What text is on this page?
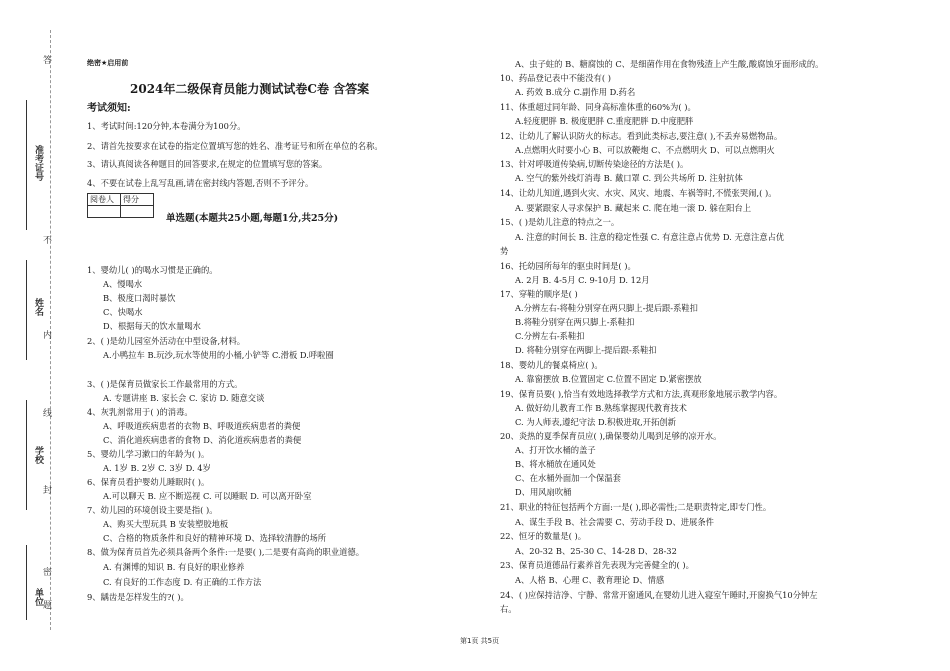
答
不
内
线
封
密
题
准考证号
姓名
学校
单位
绝密★启用前
2024年二级保育员能力测试试卷C卷 含答案
考试须知:
1、考试时间:120分钟,本卷满分为100分。
2、请首先按要求在试卷的指定位置填写您的姓名、准考证号和所在单位的名称。
3、请认真阅读各种题目的回答要求,在规定的位置填写您的答案。
4、不要在试卷上乱写乱画,请在密封线内答题,否则不予评分。
阅卷人	得分

单选题(本题共25小题,每题1分,共25分)
1、婴幼儿( )的喝水习惯是正确的。
A、慢喝水
B、极度口渴时暴饮
C、快喝水
D、根据每天的饮水量喝水
2、( )是幼儿园室外活动在中型设备,材料。
A.小鸭拉车 B.玩沙,玩水等使用的小桶,小铲等 C.滑板 D.呼啦圈
3、( )是保育员做家长工作最常用的方式。
A. 专题讲座 B. 家长会 C. 家访 D. 随意交谈
4、灰乳剂常用于( )的消毒。
A、呼吸道疾病患者的衣物 B、呼吸道疾病患者的粪便
C、消化道疾病患者的食物 D、消化道疾病患者的粪便
5、婴幼儿学习漱口的年龄为( )。
A. 1岁 B. 2岁 C. 3岁 D. 4岁
6、保育员看护婴幼儿睡眠时( )。
A.可以聊天 B. 应不断巡视 C. 可以睡眠 D. 可以离开卧室
7、幼儿园的环境创设主要是指( )。
A、购买大型玩具 B 安装塑胶地板
C、合格的物质条件和良好的精神环境 D、选择较清静的场所
8、做为保育员首先必须具备两个条件:一是要( ),二是要有高尚的职业道德。
A. 有渊博的知识 B. 有良好的职业修养
C. 有良好的工作态度 D. 有正确的工作方法
9、龋齿是怎样发生的?( )。
A、虫子蛀的 B、糖腐蚀的 C、是细菌作用在食物残渣上产生酸,酸腐蚀牙面形成的。
10、药品登记表中不能没有( )
A. 药效 B.成分 C.副作用 D.药名
11、体重超过同年龄、同身高标准体重的60%为( )。
A.轻度肥胖 B. 极度肥胖 C.重度肥胖 D.中度肥胖
12、让幼儿了解认识防火的标志。看到此类标志,要注意( ),不丢弃易燃物品。
A.点燃明火时要小心 B、可以放鞭炮 C、不点燃明火 D、可以点燃明火
13、针对呼吸道传染病,切断传染途径的方法是( )。
A. 空气的紫外线灯消毒 B. 戴口罩 C. 到公共场所 D. 注射抗体
14、让幼儿知道,遇到火灾、水灾、风灾、地震、车祸等时,不慌张哭闹,( )。
A. 要紧跟家人寻求保护 B. 藏起来 C. 爬在地一滚 D. 躲在阳台上
15、( )是幼儿注意的特点之一。
A. 注意的时间长 B. 注意的稳定性强 C. 有意注意占优势 D. 无意注意占优
势
16、托幼园所每年的驱虫时间是( )。
A. 2月 B. 4-5月 C. 9-10月 D. 12月
17、穿鞋的顺序是( )
A.分辨左右-将鞋分别穿在两只脚上-提后跟-系鞋扣
B.将鞋分别穿在两只脚上-系鞋扣
C.分辨左右-系鞋扣
D. 将鞋分别穿在两脚上-提后跟-系鞋扣
18、婴幼儿的餐桌椅应( )。
A. 靠窗摆放 B.位置固定 C.位置不固定 D.紧密摆放
19、保育员要( ),恰当有效地选择教学方式和方法,真观形象地展示教学内容。
A. 做好幼儿教育工作 B.熟练掌握现代教育技术
C. 为人师表,遵纪守法 D.积极进取,开拓创新
20、炎热的夏季保育员应( ),确保婴幼儿喝到足够的凉开水。
A、打开饮水桶的盖子
B、将水桶放在通风处
C、在水桶外面加一个保温套
D、用风扇吹桶
21、职业的特征包括两个方面:一是( ),即必需性;二是职责特定,即专门性。
A、谋生手段 B、社会需要 C、劳动手段 D、进展条件
22、恒牙的数量是( )。
A、20-32 B、25-30 C、14-28 D、28-32
23、保育员道德品行素养首先表现为完善健全的( )。
A、人格 B、心理 C、教育理论 D、情感
24、( )应保持洁净、宁静、常常开窗通风,在婴幼儿进入寝室午睡时,开窗换气10分钟左
右。
第1页 共5页
